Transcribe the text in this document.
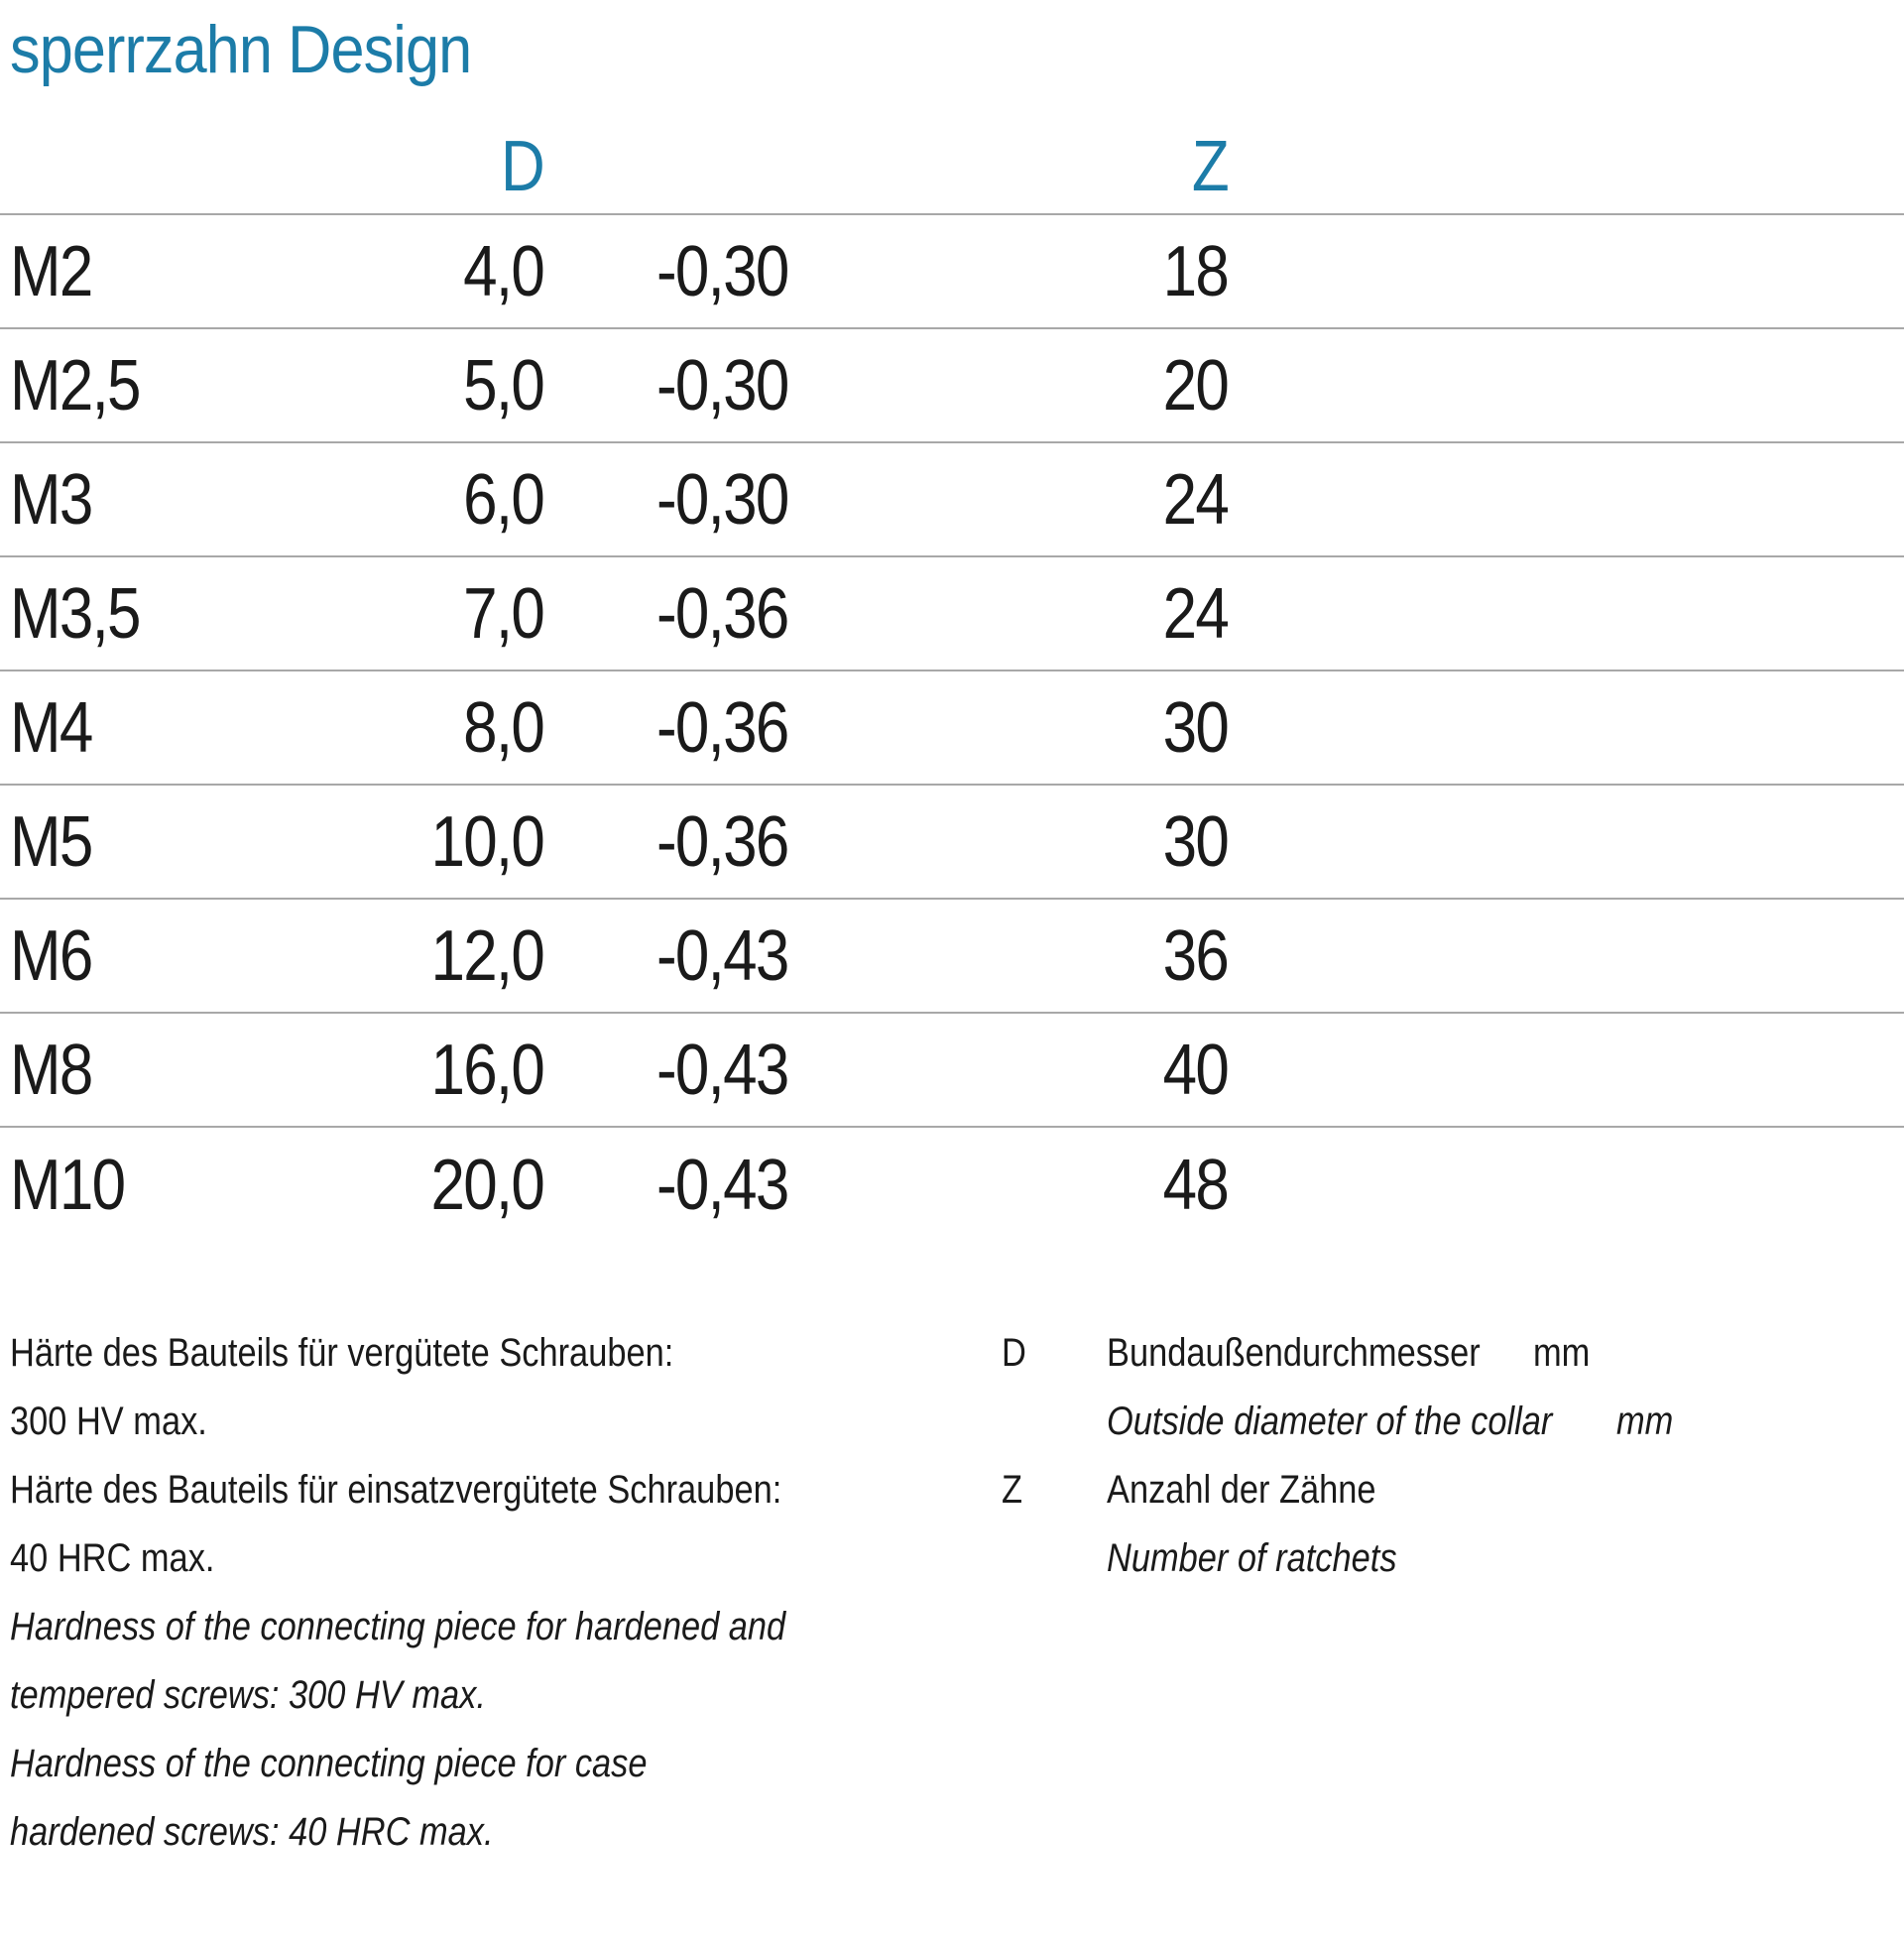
sperrzahn Design
D	Z
M2	4,0 -0,30	18
M2,5	5,0 -0,30	20
M3	6,0 -0,30	24
M3,5	7,0 -0,36	24
M4	8,0 -0,36	30
M5	10,0 -0,36	30
M6	12,0 -0,43	36
M8	16,0 -0,43	40
M10	20,0 -0,43	48
Härte des Bauteils für vergütete Schrauben:
300 HV max.
Härte des Bauteils für einsatzvergütete Schrauben:
40 HRC max.
Hardness of the connecting piece for hardened and
tempered screws: 300 HV max.
Hardness of the connecting piece for case
hardened screws: 40 HRC max.
D Bundaußendurchmesser	mm
Outside diameter of the collar	mm
Z Anzahl der Zähne
Number of ratchets
